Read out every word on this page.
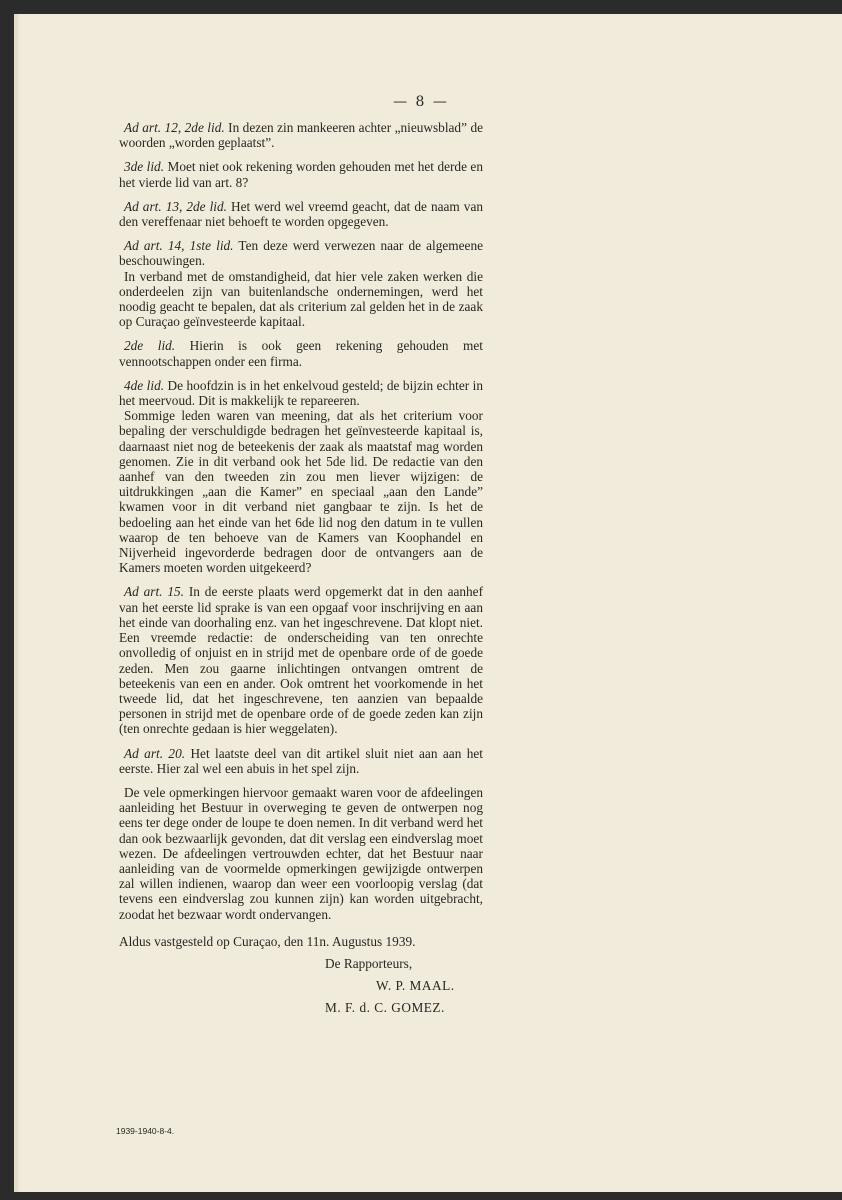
— 8 —

Ad art. 12, 2de lid. In dezen zin mankeeren achter „nieuwsblad” de woorden „worden geplaatst”.

3de lid. Moet niet ook rekening worden gehouden met het derde en het vierde lid van art. 8?

Ad art. 13, 2de lid. Het werd wel vreemd geacht, dat de naam van den vereffenaar niet behoeft te worden opgegeven.

Ad art. 14, 1ste lid. Ten deze werd verwezen naar de algemeene beschouwingen.

In verband met de omstandigheid, dat hier vele zaken werken die onderdeelen zijn van buitenlandsche ondernemingen, werd het noodig geacht te bepalen, dat als criterium zal gelden het in de zaak op Curaçao geïnvesteerde kapitaal.

2de lid. Hierin is ook geen rekening gehouden met vennootschappen onder een firma.

4de lid. De hoofdzin is in het enkelvoud gesteld; de bijzin echter in het meervoud. Dit is makkelijk te repareeren.

Sommige leden waren van meening, dat als het criterium voor bepaling der verschuldigde bedragen het geïnvesteerde kapitaal is, daarnaast niet nog de beteekenis der zaak als maatstaf mag worden genomen. Zie in dit verband ook het 5de lid. De redactie van den aanhef van den tweeden zin zou men liever wijzigen: de uitdrukkingen „aan die Kamer” en speciaal „aan den Lande” kwamen voor in dit verband niet gangbaar te zijn. Is het de bedoeling aan het einde van het 6de lid nog den datum in te vullen waarop de ten behoeve van de Kamers van Koophandel en Nijverheid ingevorderde bedragen door de ontvangers aan de Kamers moeten worden uitgekeerd?

Ad art. 15. In de eerste plaats werd opgemerkt dat in den aanhef van het eerste lid sprake is van een opgaaf voor inschrijving en aan het einde van doorhaling enz. van het ingeschrevene. Dat klopt niet. Een vreemde redactie: de onderscheiding van ten onrechte onvolledig of onjuist en in strijd met de openbare orde of de goede zeden. Men zou gaarne inlichtingen ontvangen omtrent de beteekenis van een en ander. Ook omtrent het voorkomende in het tweede lid, dat het ingeschrevene, ten aanzien van bepaalde personen in strijd met de openbare orde of de goede zeden kan zijn (ten onrechte gedaan is hier weggelaten).

Ad art. 20. Het laatste deel van dit artikel sluit niet aan aan het eerste. Hier zal wel een abuis in het spel zijn.

De vele opmerkingen hiervoor gemaakt waren voor de afdeelingen aanleiding het Bestuur in overweging te geven de ontwerpen nog eens ter dege onder de loupe te doen nemen. In dit verband werd het dan ook bezwaarlijk gevonden, dat dit verslag een eindverslag moet wezen. De afdeelingen vertrouwden echter, dat het Bestuur naar aanleiding van de voormelde opmerkingen gewijzigde ontwerpen zal willen indienen, waarop dan weer een voorloopig verslag (dat tevens een eindverslag zou kunnen zijn) kan worden uitgebracht, zoodat het bezwaar wordt ondervangen.

Aldus vastgesteld op Curaçao, den 11n. Augustus 1939.
De Rapporteurs,
W. P. MAAL.
M. F. d. C. GOMEZ.
1939-1940-8-4.
